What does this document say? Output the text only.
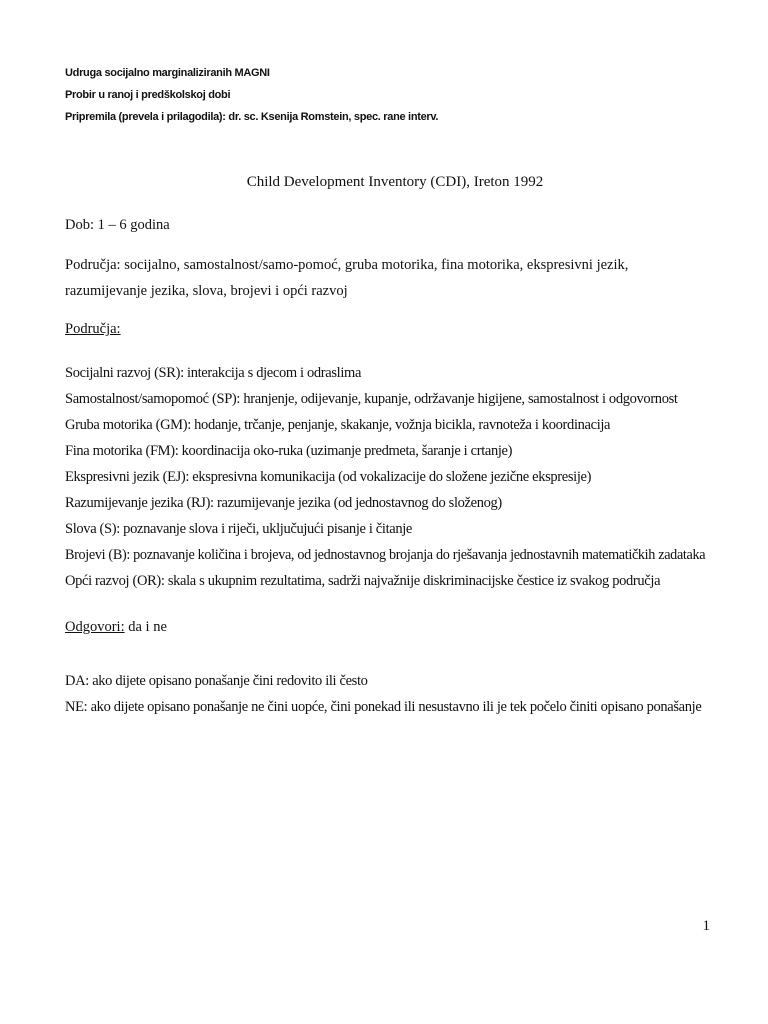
Udruga socijalno marginaliziranih MAGNI
Probir u ranoj i predškolskoj dobi
Pripremila (prevela i prilagodila): dr. sc. Ksenija Romstein, spec. rane interv.
Child Development Inventory (CDI), Ireton 1992
Dob: 1 – 6 godina
Područja: socijalno, samostalnost/samo-pomoć, gruba motorika, fina motorika, ekspresivni jezik, razumijevanje jezika, slova, brojevi i opći razvoj
Područja:
Socijalni razvoj (SR): interakcija s djecom i odraslima
Samostalnost/samopomoć (SP): hranjenje, odijevanje, kupanje, održavanje higijene, samostalnost i odgovornost
Gruba motorika (GM): hodanje, trčanje, penjanje, skakanje, vožnja bicikla, ravnoteža i koordinacija
Fina motorika (FM): koordinacija oko-ruka (uzimanje predmeta, šaranje i crtanje)
Ekspresivni jezik (EJ): ekspresivna komunikacija (od vokalizacije do složene jezične ekspresije)
Razumijevanje jezika (RJ): razumijevanje jezika (od jednostavnog do složenog)
Slova (S): poznavanje slova i riječi, uključujući pisanje i čitanje
Brojevi (B): poznavanje količina i brojeva, od jednostavnog brojanja do rješavanja jednostavnih matematičkih zadataka
Opći razvoj (OR): skala s ukupnim rezultatima, sadrži najvažnije diskriminacijske čestice iz svakog područja
Odgovori: da i ne
DA: ako dijete opisano ponašanje čini redovito ili često
NE: ako dijete opisano ponašanje ne čini uopće, čini ponekad ili nesustavno ili je tek počelo činiti opisano ponašanje
1
